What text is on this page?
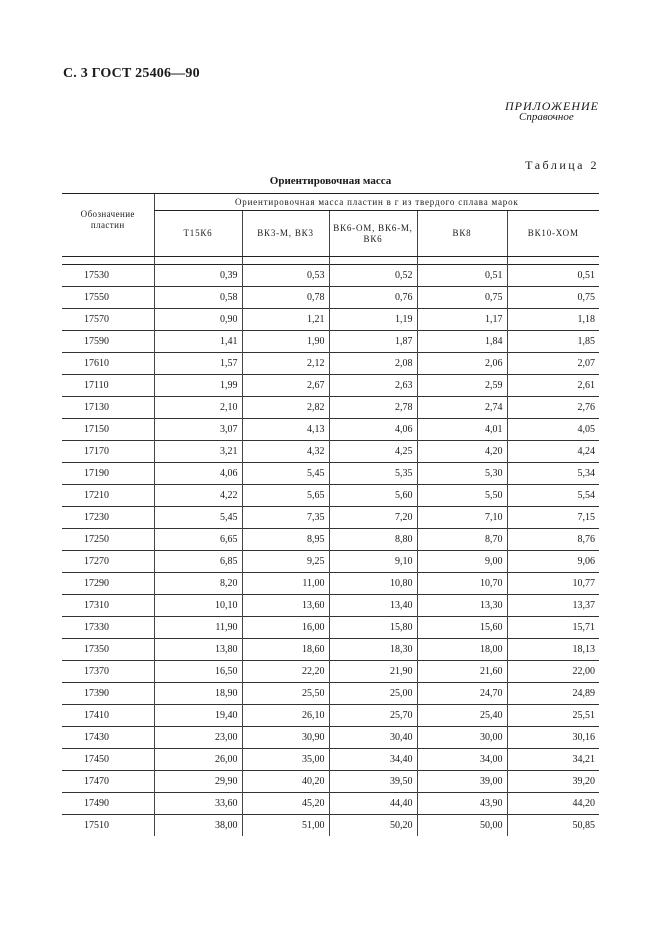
С. 3 ГОСТ 25406—90
ПРИЛОЖЕНИЕ
Справочное
Таблица 2
Ориентировочная масса
Обозначение пластин	Ориентировочная масса пластин в г из твердого сплава марок				
	Т15К6	ВК3-М, ВК3	ВК6-ОМ, ВК6-М, ВК6	ВК8	ВК10-ХОМ

17530	0,39	0,53	0,52	0,51	0,51
17550	0,58	0,78	0,76	0,75	0,75
17570	0,90	1,21	1,19	1,17	1,18
17590	1,41	1,90	1,87	1,84	1,85
17610	1,57	2,12	2,08	2,06	2,07
17110	1,99	2,67	2,63	2,59	2,61
17130	2,10	2,82	2,78	2,74	2,76
17150	3,07	4,13	4,06	4,01	4,05
17170	3,21	4,32	4,25	4,20	4,24
17190	4,06	5,45	5,35	5,30	5,34
17210	4,22	5,65	5,60	5,50	5,54
17230	5,45	7,35	7,20	7,10	7,15
17250	6,65	8,95	8,80	8,70	8,76
17270	6,85	9,25	9,10	9,00	9,06
17290	8,20	11,00	10,80	10,70	10,77
17310	10,10	13,60	13,40	13,30	13,37
17330	11,90	16,00	15,80	15,60	15,71
17350	13,80	18,60	18,30	18,00	18,13
17370	16,50	22,20	21,90	21,60	22,00
17390	18,90	25,50	25,00	24,70	24,89
17410	19,40	26,10	25,70	25,40	25,51
17430	23,00	30,90	30,40	30,00	30,16
17450	26,00	35,00	34,40	34,00	34,21
17470	29,90	40,20	39,50	39,00	39,20
17490	33,60	45,20	44,40	43,90	44,20
17510	38,00	51,00	50,20	50,00	50,85
